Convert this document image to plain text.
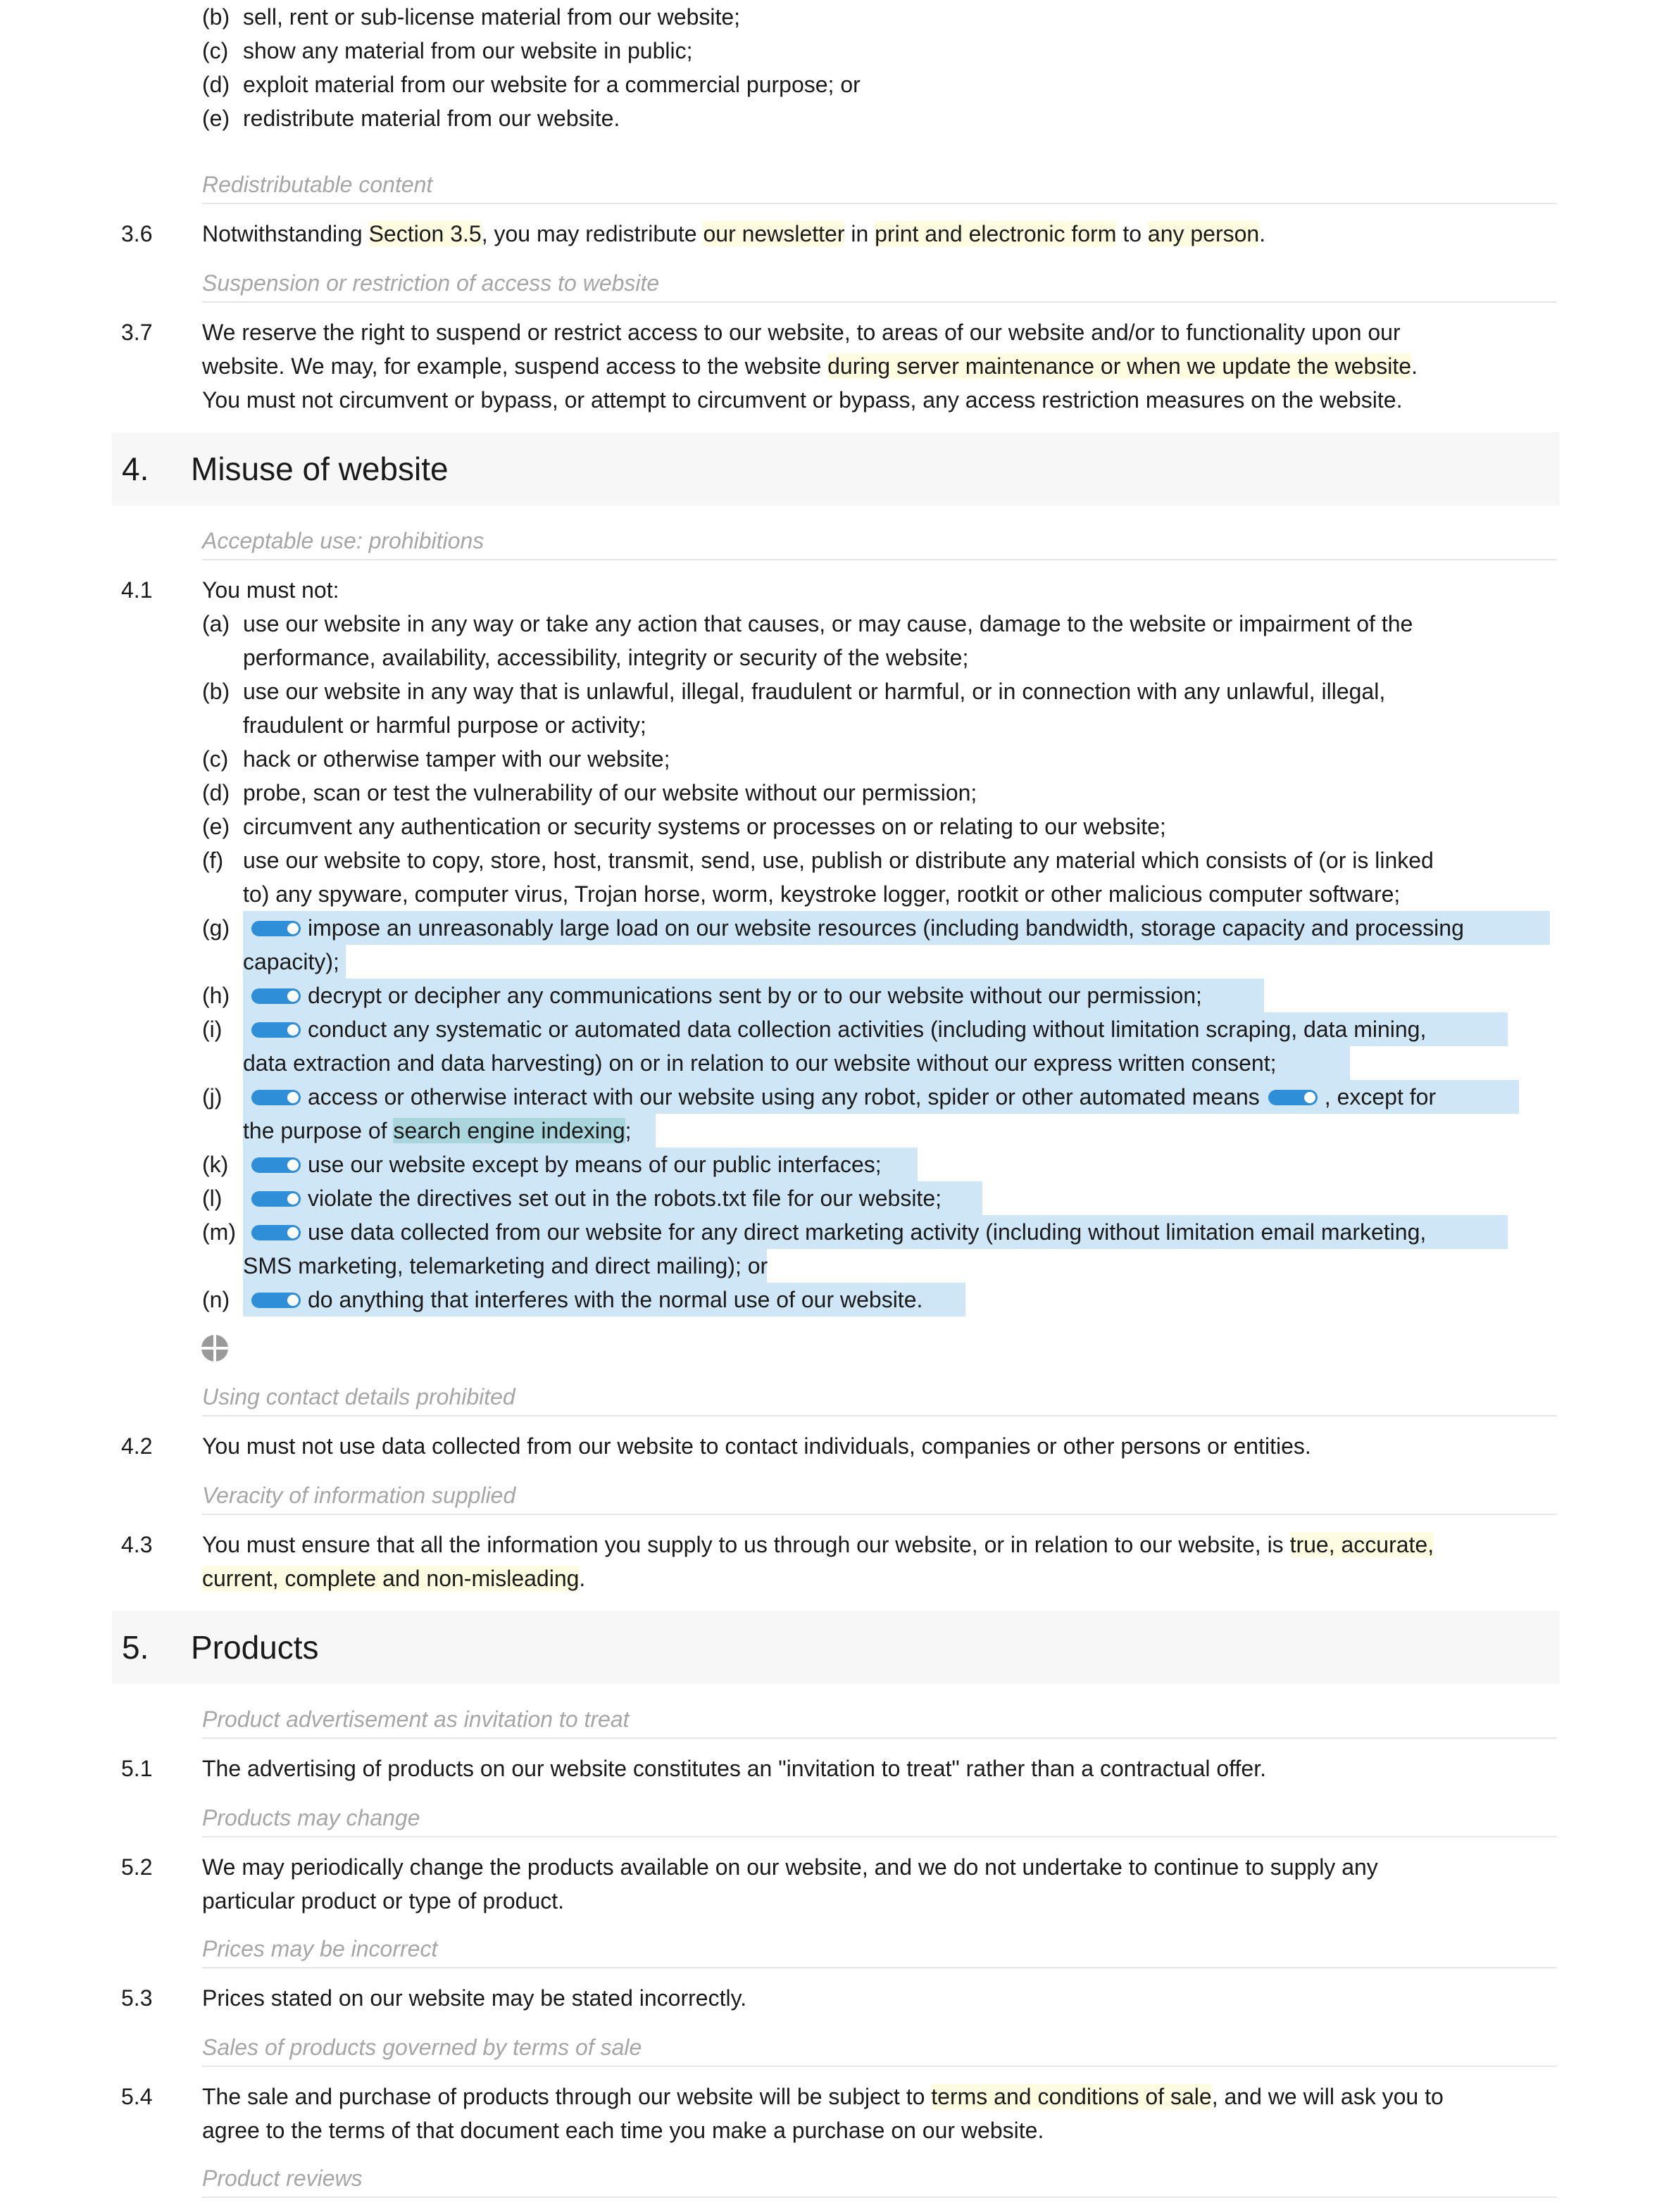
(b) sell, rent or sub-license material from our website;
(c) show any material from our website in public;
(d) exploit material from our website for a commercial purpose; or
(e) redistribute material from our website.
Redistributable content
3.6 Notwithstanding Section 3.5, you may redistribute our newsletter in print and electronic form to any person.
Suspension or restriction of access to website
3.7 We reserve the right to suspend or restrict access to our website, to areas of our website and/or to functionality upon our
website. We may, for example, suspend access to the website during server maintenance or when we update the website.
You must not circumvent or bypass, or attempt to circumvent or bypass, any access restriction measures on the website.
4. Misuse of website
Acceptable use: prohibitions
4.1 You must not:
(a) use our website in any way or take any action that causes, or may cause, damage to the website or impairment of the
performance, availability, accessibility, integrity or security of the website;
(b) use our website in any way that is unlawful, illegal, fraudulent or harmful, or in connection with any unlawful, illegal,
fraudulent or harmful purpose or activity;
(c) hack or otherwise tamper with our website;
(d) probe, scan or test the vulnerability of our website without our permission;
(e) circumvent any authentication or security systems or processes on or relating to our website;
(f) use our website to copy, store, host, transmit, send, use, publish or distribute any material which consists of (or is linked
to) any spyware, computer virus, Trojan horse, worm, keystroke logger, rootkit or other malicious computer software;
(g)	impose an unreasonably large load on our website resources (including bandwidth, storage capacity and processing
capacity);
(h)	decrypt or decipher any communications sent by or to our website without our permission;
(i)	conduct any systematic or automated data collection activities (including without limitation scraping, data mining,
data extraction and data harvesting) on or in relation to our website without our express written consent;
(j)	access or otherwise interact with our website using any robot, spider or other automated means	, except for
the purpose of search engine indexing;
(k)	use our website except by means of our public interfaces;
(l)	violate the directives set out in the robots.txt file for our website;
(m)	use data collected from our website for any direct marketing activity (including without limitation email marketing,
SMS marketing, telemarketing and direct mailing); or
(n)	do anything that interferes with the normal use of our website.
Using contact details prohibited
4.2 You must not use data collected from our website to contact individuals, companies or other persons or entities.
Veracity of information supplied
4.3 You must ensure that all the information you supply to us through our website, or in relation to our website, is true, accurate,
current, complete and non-misleading.
5. Products
Product advertisement as invitation to treat
5.1 The advertising of products on our website constitutes an "invitation to treat" rather than a contractual offer.
Products may change
5.2 We may periodically change the products available on our website, and we do not undertake to continue to supply any
particular product or type of product.
Prices may be incorrect
5.3 Prices stated on our website may be stated incorrectly.
Sales of products governed by terms of sale
5.4 The sale and purchase of products through our website will be subject to terms and conditions of sale, and we will ask you to
agree to the terms of that document each time you make a purchase on our website.
Product reviews
